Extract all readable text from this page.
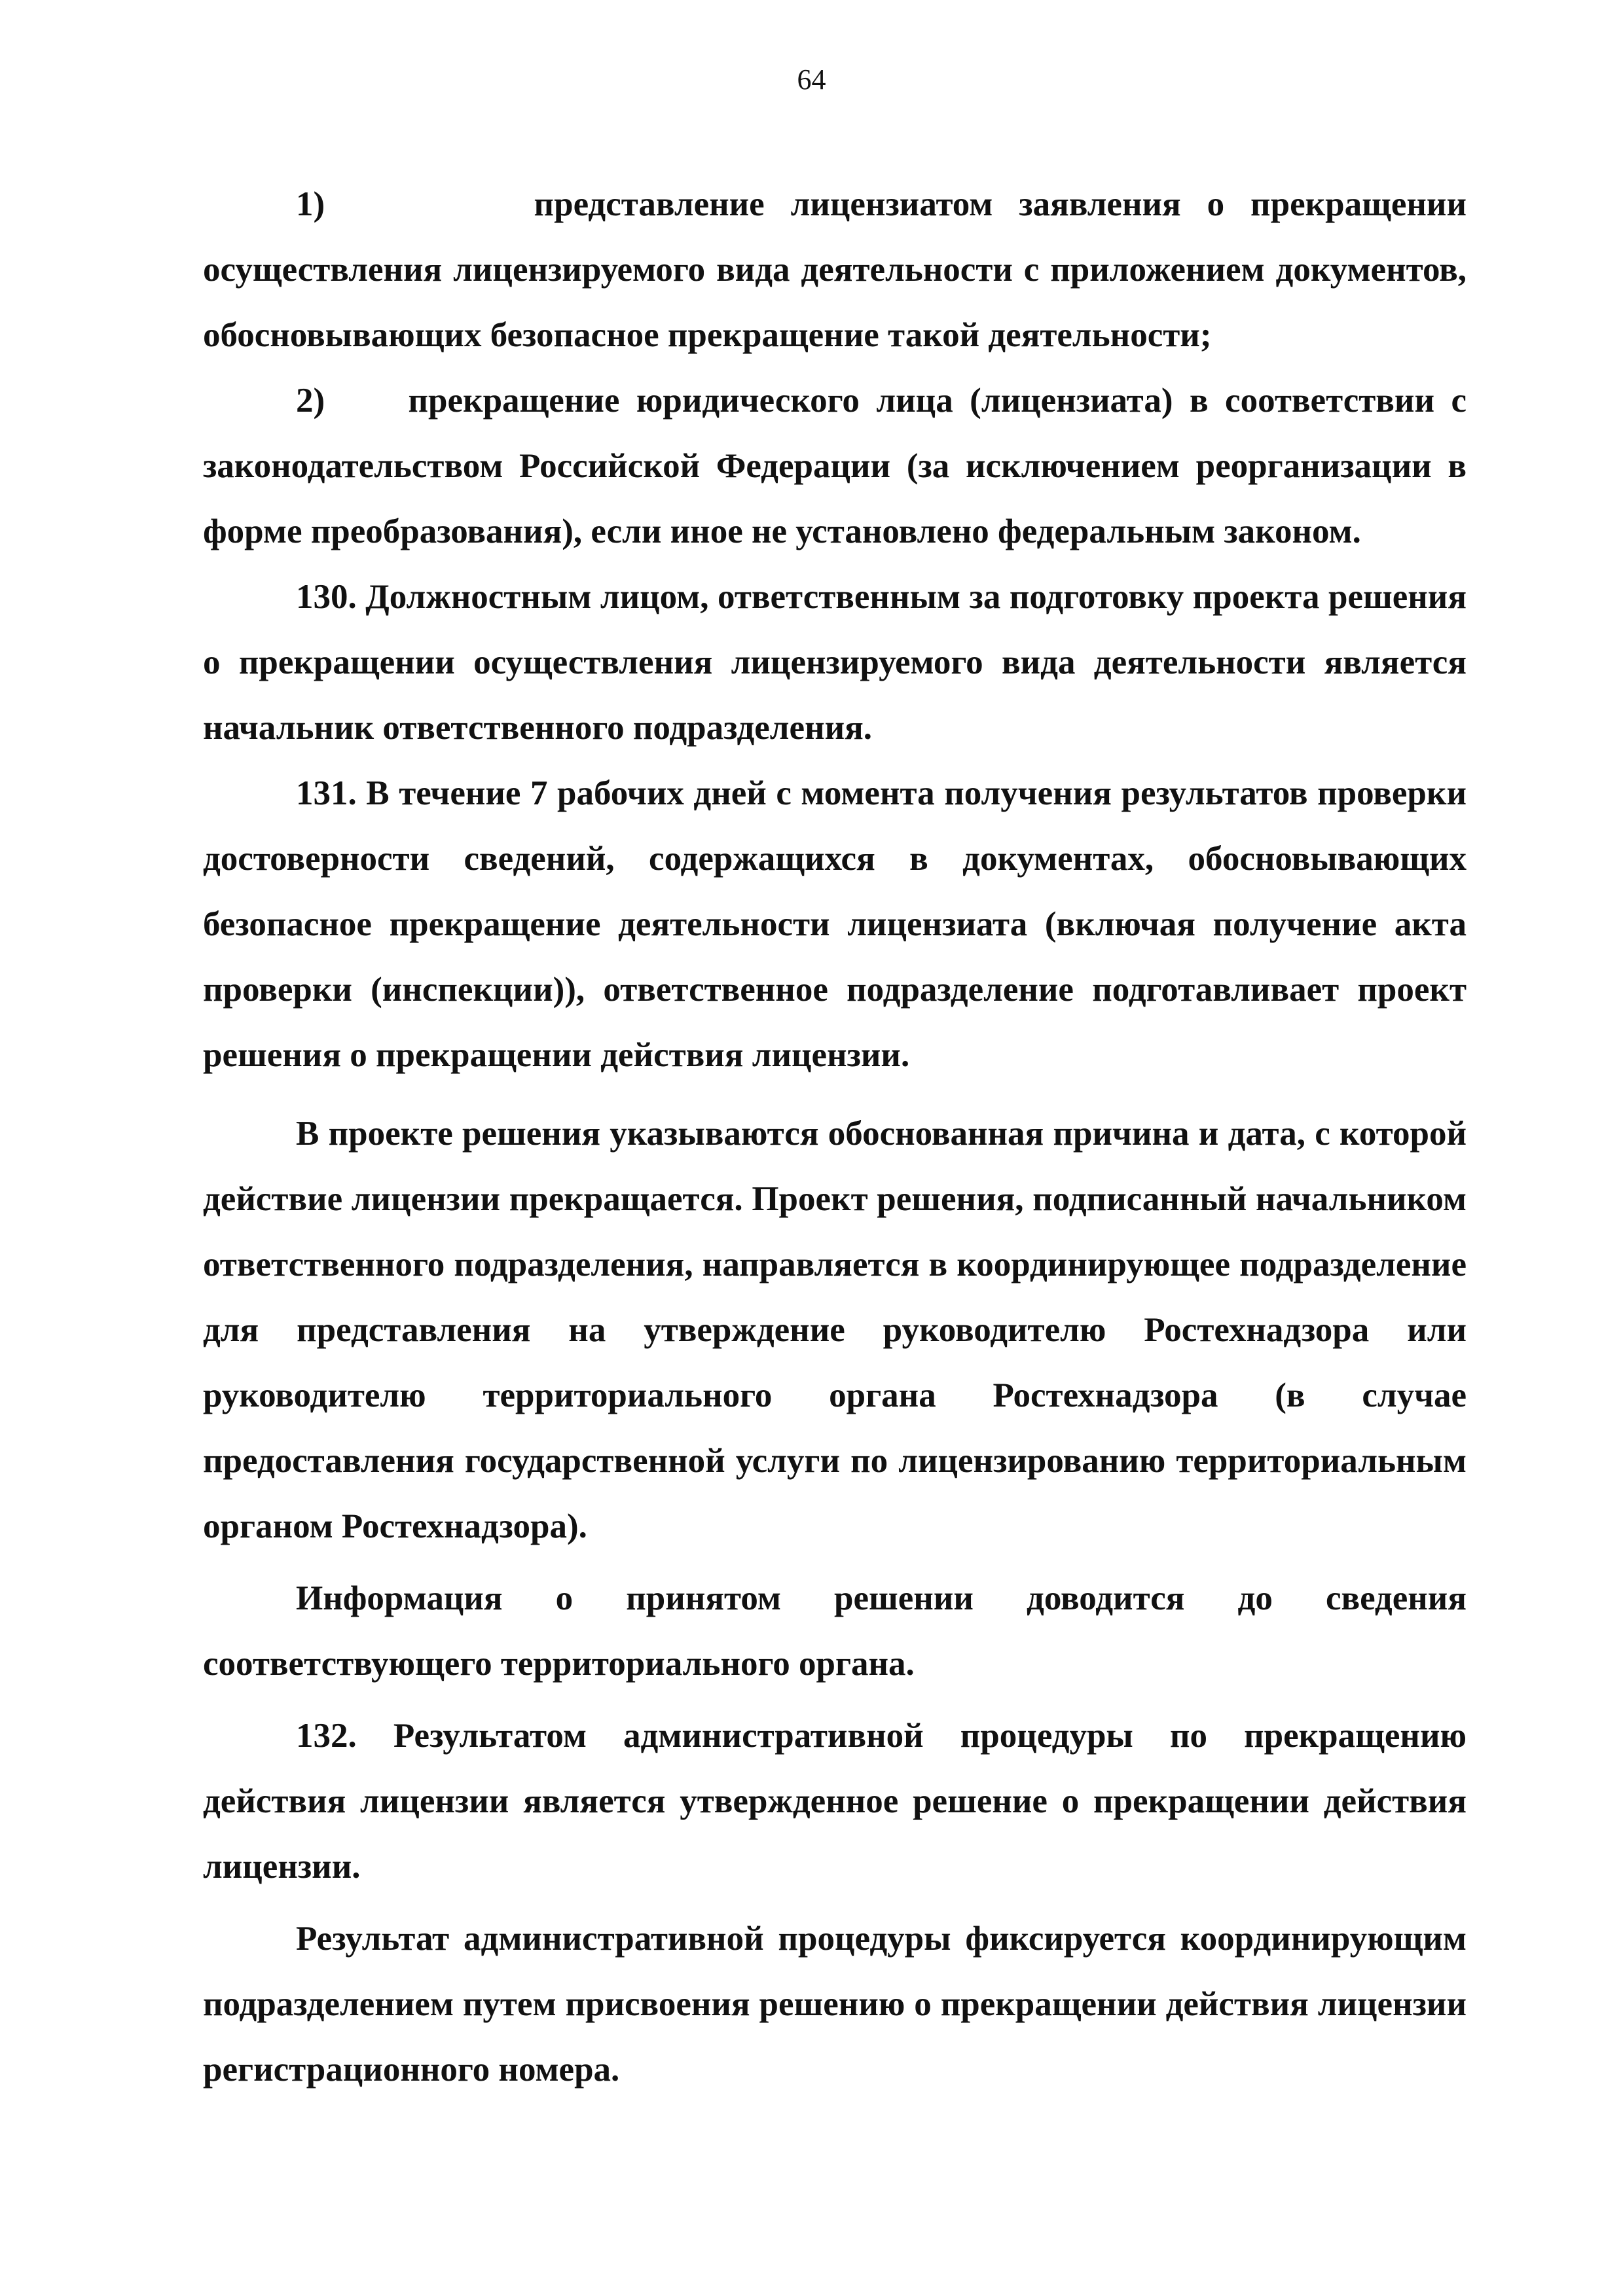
64

1)        представление лицензиатом заявления о прекращении осуществления лицензируемого вида деятельности с приложением документов, обосновывающих безопасное прекращение такой деятельности;

2)     прекращение юридического лица (лицензиата) в соответствии с законодательством Российской Федерации (за исключением реорганизации в форме преобразования), если иное не установлено федеральным законом.

130. Должностным лицом, ответственным за подготовку проекта решения о прекращении осуществления лицензируемого вида деятельности является начальник ответственного подразделения.

131. В течение 7 рабочих дней с момента получения результатов проверки достоверности сведений, содержащихся в документах, обосновывающих безопасное прекращение деятельности лицензиата (включая получение акта проверки (инспекции)), ответственное подразделение подготавливает проект решения о прекращении действия лицензии.

В проекте решения указываются обоснованная причина и дата, с которой действие лицензии прекращается. Проект решения, подписанный начальником ответственного подразделения, направляется в координирующее подразделение для представления на утверждение руководителю Ростехнадзора или руководителю территориального органа Ростехнадзора (в случае предоставления государственной услуги по лицензированию территориальным органом Ростехнадзора).

Информация о принятом решении доводится до сведения соответствующего территориального органа.

132. Результатом административной процедуры по прекращению действия лицензии является утвержденное решение о прекращении действия лицензии.

Результат административной процедуры фиксируется координирующим подразделением путем присвоения решению о прекращении действия лицензии регистрационного номера.
